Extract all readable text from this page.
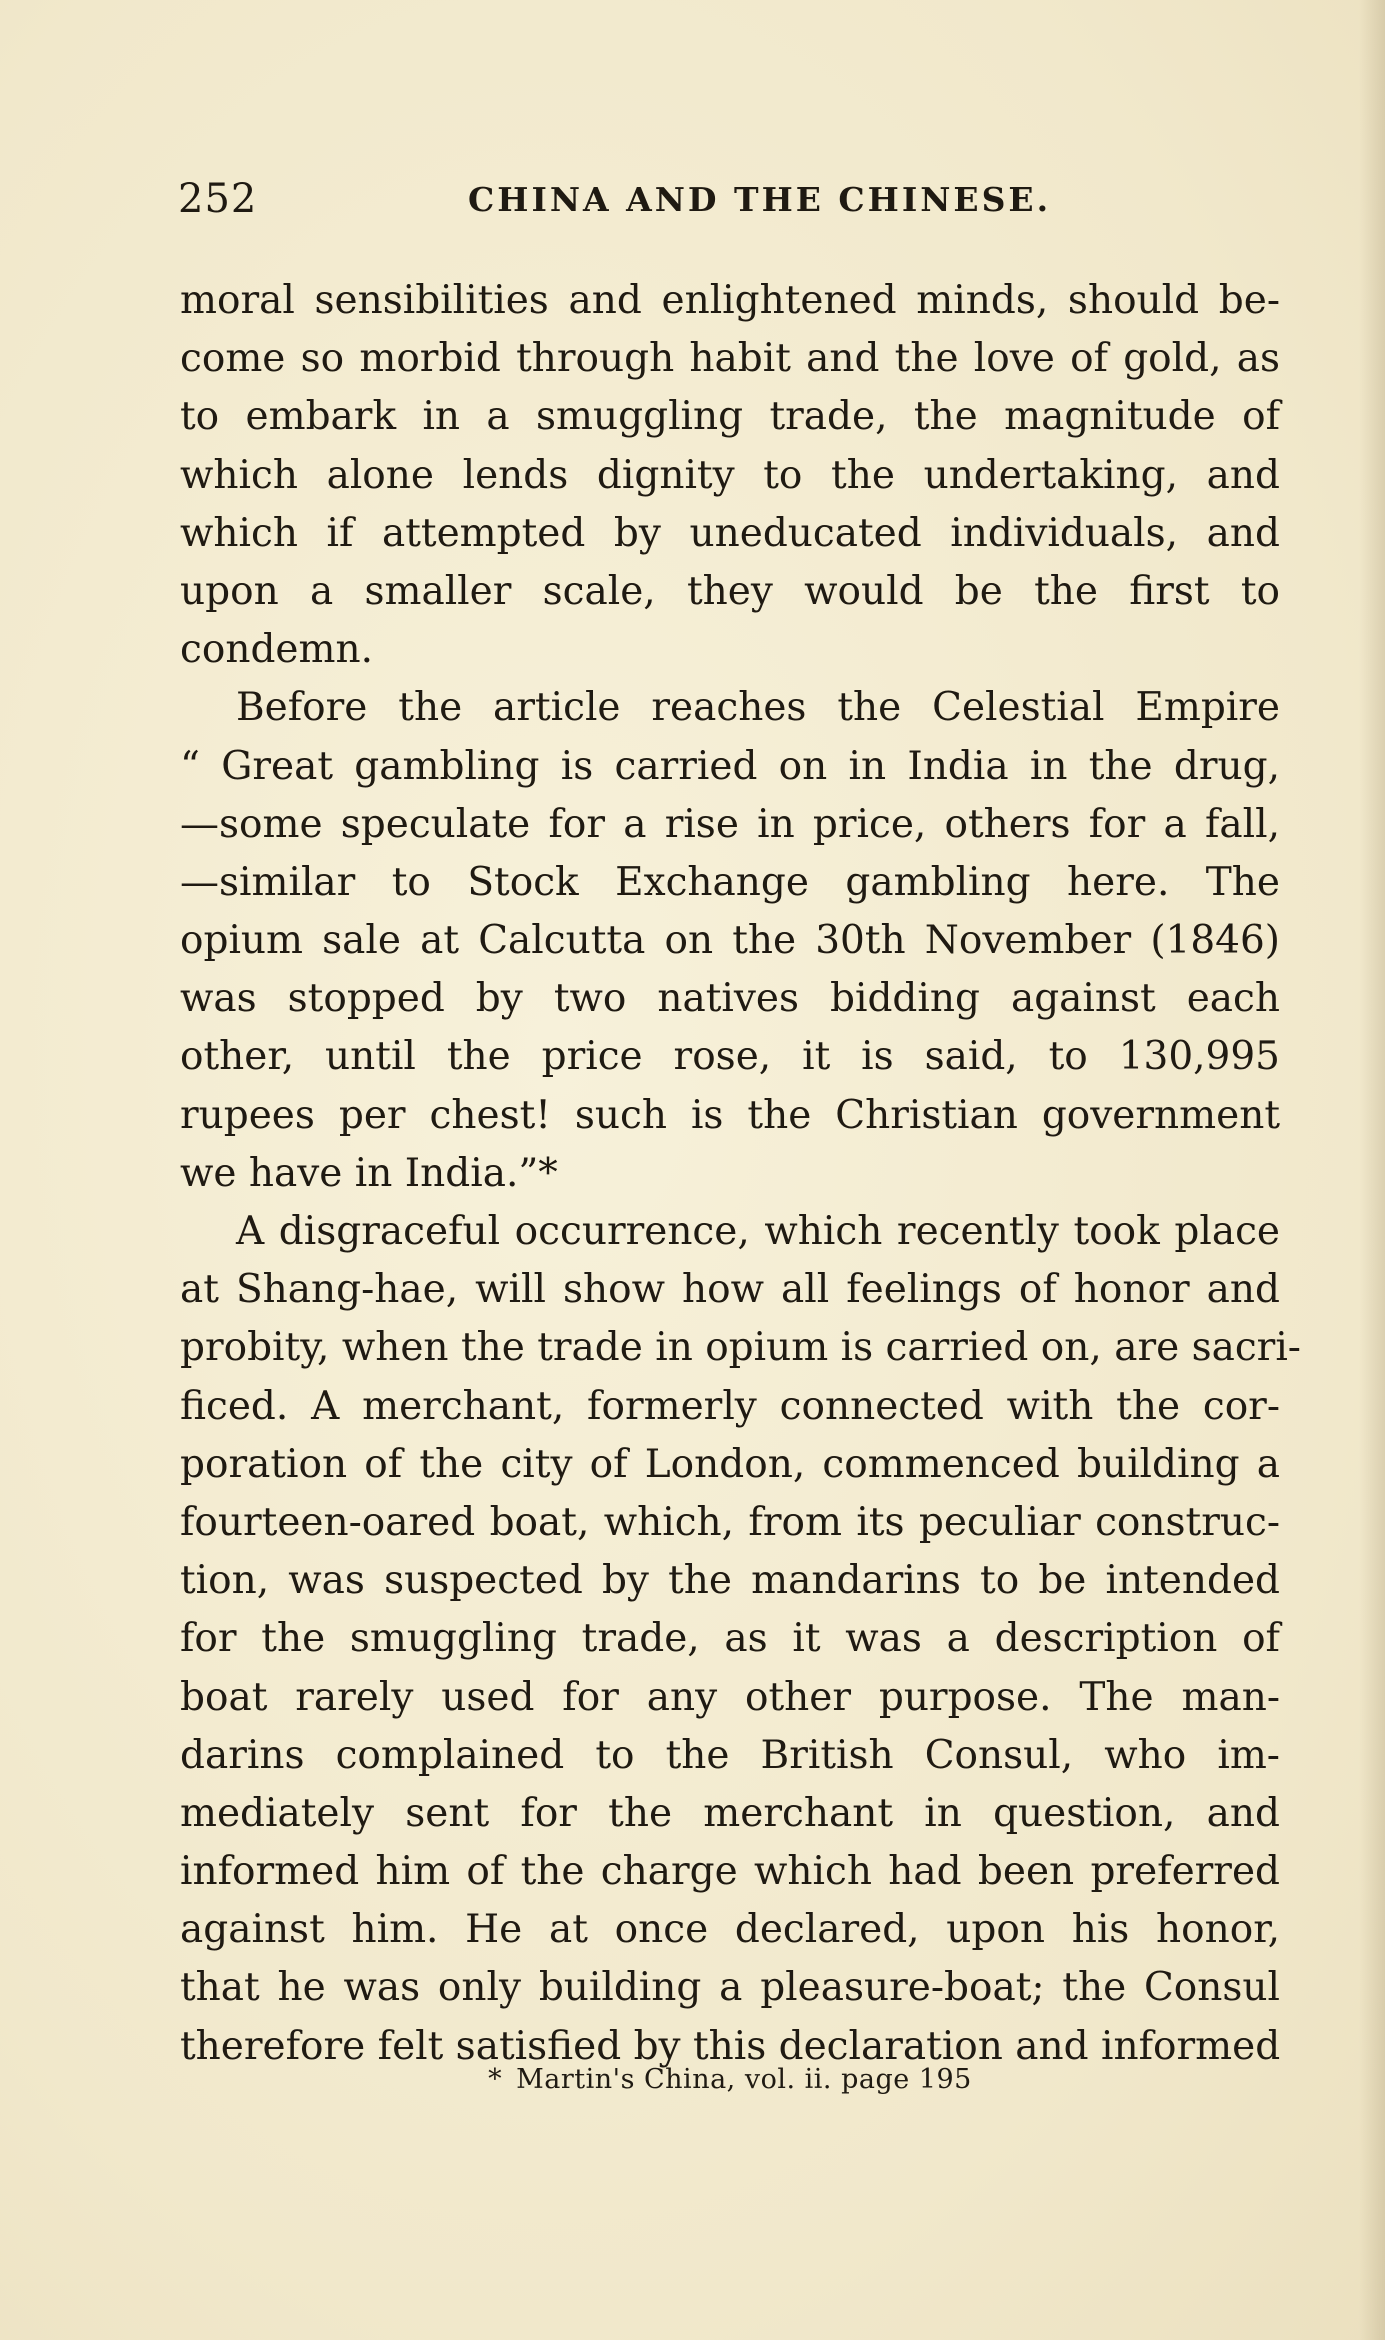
252	CHINA AND THE CHINESE.
moral sensibilities and enlightened minds, should be-
come so morbid through habit and the love of gold, as
to embark in a smuggling trade, the magnitude of
which alone lends dignity to the undertaking, and
which if attempted by uneducated individuals, and
upon a smaller scale, they would be the first to
condemn.
Before the article reaches the Celestial Empire
“ Great gambling is carried on in India in the drug,
—some speculate for a rise in price, others for a fall,
—similar to Stock Exchange gambling here. The
opium sale at Calcutta on the 30th November (1846)
was stopped by two natives bidding against each
other, until the price rose, it is said, to 130,995
rupees per chest! such is the Christian government
we have in India.”*
A disgraceful occurrence, which recently took place
at Shang-hae, will show how all feelings of honor and
probity, when the trade in opium is carried on, are sacri-
ficed. A merchant, formerly connected with the cor-
poration of the city of London, commenced building a
fourteen-oared boat, which, from its peculiar construc-
tion, was suspected by the mandarins to be intended
for the smuggling trade, as it was a description of
boat rarely used for any other purpose. The man-
darins complained to the British Consul, who im-
mediately sent for the merchant in question, and
informed him of the charge which had been preferred
against him. He at once declared, upon his honor,
that he was only building a pleasure-boat; the Consul
therefore felt satisfied by this declaration and informed
* Martin's China, vol. ii. page 195
